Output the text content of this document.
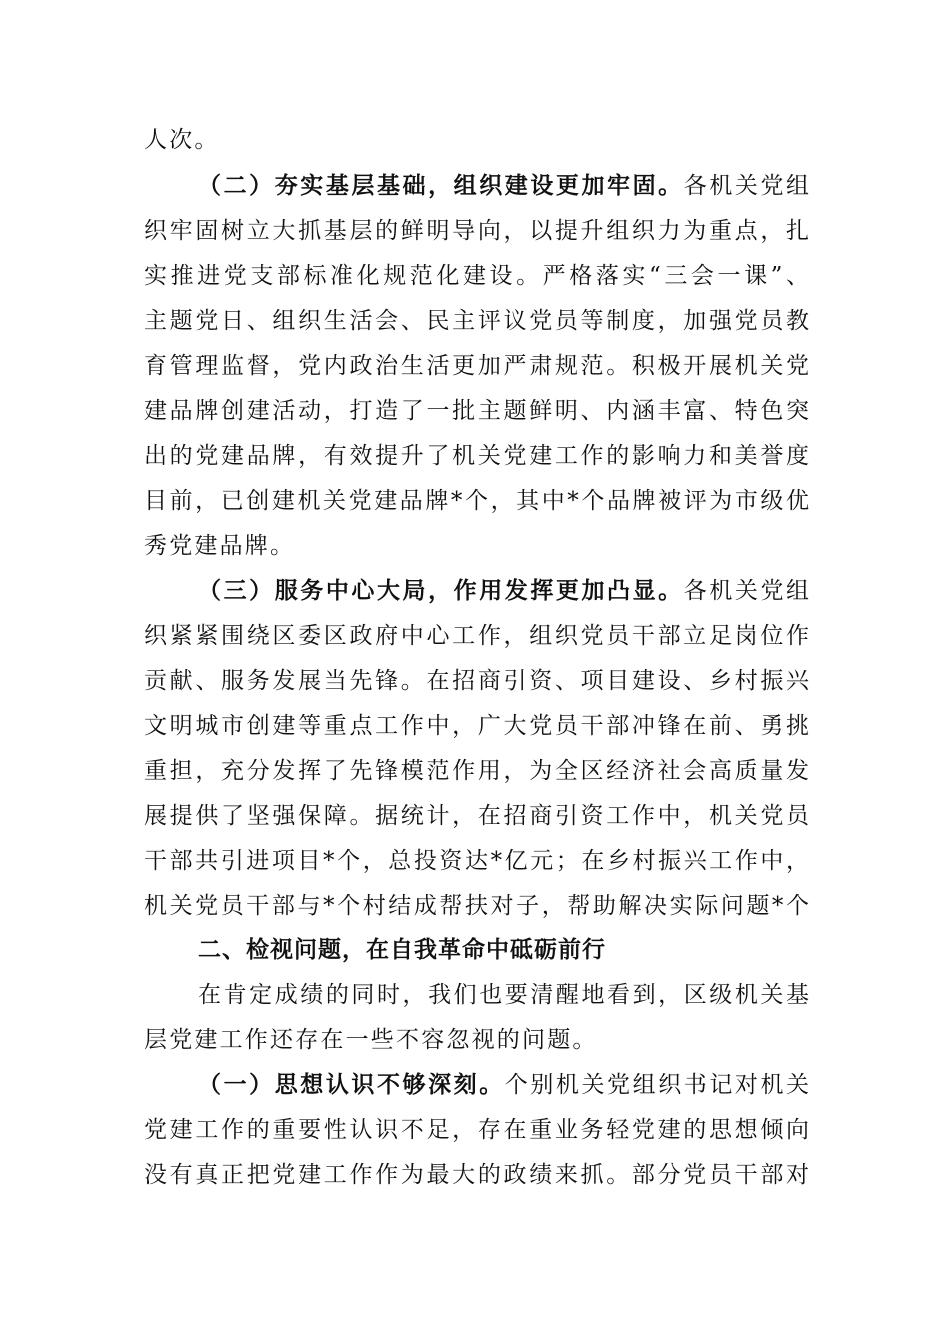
人次。
（二）夯实基层基础，组织建设更加牢固。各机关党组
织牢固树立大抓基层的鲜明导向，以提升组织力为重点，扎
实推进党支部标准化规范化建设。严格落实“三会一课”、
主题党日、组织生活会、民主评议党员等制度，加强党员教
育管理监督，党内政治生活更加严肃规范。积极开展机关党
建品牌创建活动，打造了一批主题鲜明、内涵丰富、特色突
出的党建品牌，有效提升了机关党建工作的影响力和美誉度
目前，已创建机关党建品牌*个，其中*个品牌被评为市级优
秀党建品牌。
（三）服务中心大局，作用发挥更加凸显。各机关党组
织紧紧围绕区委区政府中心工作，组织党员干部立足岗位作
贡献、服务发展当先锋。在招商引资、项目建设、乡村振兴
文明城市创建等重点工作中，广大党员干部冲锋在前、勇挑
重担，充分发挥了先锋模范作用，为全区经济社会高质量发
展提供了坚强保障。据统计，在招商引资工作中，机关党员
干部共引进项目*个，总投资达*亿元；在乡村振兴工作中，
机关党员干部与*个村结成帮扶对子，帮助解决实际问题*个
二、检视问题，在自我革命中砥砺前行
在肯定成绩的同时，我们也要清醒地看到，区级机关基
层党建工作还存在一些不容忽视的问题。
（一）思想认识不够深刻。个别机关党组织书记对机关
党建工作的重要性认识不足，存在重业务轻党建的思想倾向
没有真正把党建工作作为最大的政绩来抓。部分党员干部对
